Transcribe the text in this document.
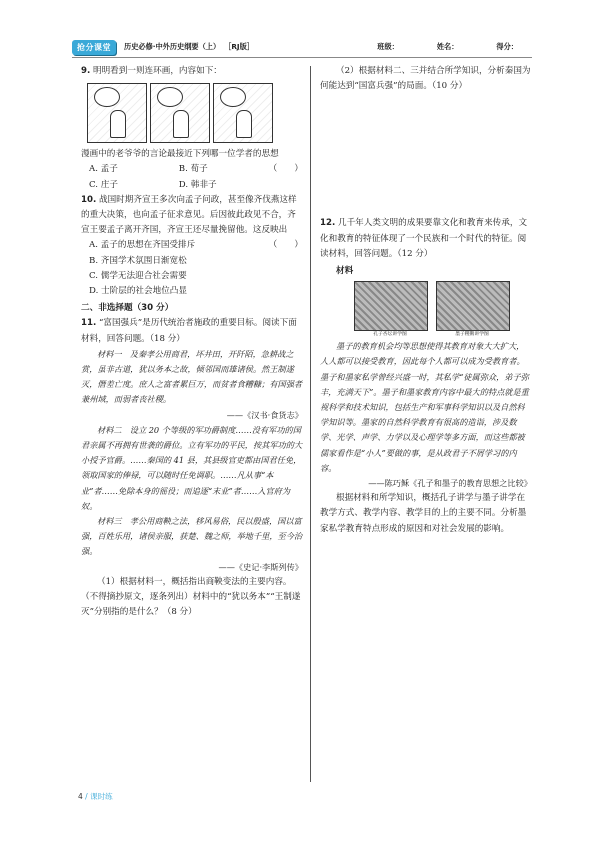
抢分课堂	历史必修·中外历史纲要（上） ［RJ版］	班级：	姓名：	得分：

9. 明明看到一则连环画，内容如下：

漫画中的老爷爷的言论最接近下列哪一位学者的思想
（　　）

A. 孟子	B. 荀子
C. 庄子	D. 韩非子

10. 战国时期齐宣王多次向孟子问政，甚至像齐伐燕这样的重大决策，也向孟子征求意见。后因彼此政见不合，齐宣王要孟子离开齐国，齐宣王还尽量挽留他。这反映出
（　　）

A. 孟子的思想在齐国受排斥
B. 齐国学术氛围日渐宽松
C. 儒学无法迎合社会需要
D. 士阶层的社会地位凸显

二、非选择题（30 分）

11. “富国强兵”是历代统治者施政的重要目标。阅读下面材料，回答问题。（18 分）

材料一　及秦孝公用商君，坏井田，开阡陌，急耕战之赏，虽非古道，犹以务本之故，倾邻国而雄诸侯。然王制遂灭，僭差亡度。庶人之富者累巨万，而贫者食糟糠；有国强者兼州域，而弱者丧社稷。

——《汉书·食货志》

材料二　设立 20 个等级的军功爵制度……没有军功的国君亲属不再拥有世袭的爵位。立有军功的平民，按其军功的大小授予官爵。……秦国的 41 县，其县级官吏都由国君任免，领取国家的俸禄，可以随时任免调职。……凡从事“本业”者……免除本身的徭役；而追逐“末业”者……入官府为奴。

材料三　孝公用商鞅之法，移风易俗，民以殷盛，国以富强，百姓乐用，诸侯亲服，获楚、魏之师，举地千里，至今治强。

——《史记·李斯列传》

（1）根据材料一，概括指出商鞅变法的主要内容。（不得摘抄原文，逐条列出）材料中的“犹以务本”“王制遂灭”分别指的是什么？（8 分）

（2）根据材料二、三并结合所学知识，分析秦国为何能达到“国富兵强”的局面。（10 分）

12. 几千年人类文明的成果要靠文化和教育来传承，文化和教育的特征体现了一个民族和一个时代的特征。阅读材料，回答问题。（12 分）

材料

孔子杏坛讲学图	墨子稷鹅讲学图

墨子的教育机会均等思想使得其教育对象大大扩大，人人都可以接受教育，因此每个人都可以成为受教育者。墨子和墨家私学曾经兴盛一时，其私学“徒属弥众，弟子弥丰，充满天下”。墨子和墨家教育内容中最大的特点就是重视科学和技术知识，包括生产和军事科学知识以及自然科学知识等。墨家的自然科学教育有很高的造诣，涉及数学、光学、声学、力学以及心理学等多方面，而这些都被儒家看作是“小人”要做的事，是从政君子不屑学习的内容。

——陈巧稣《孔子和墨子的教育思想之比较》

根据材料和所学知识，概括孔子讲学与墨子讲学在教学方式、教学内容、教学目的上的主要不同。分析墨家私学教育特点形成的原因和对社会发展的影响。

4 / 课时练
